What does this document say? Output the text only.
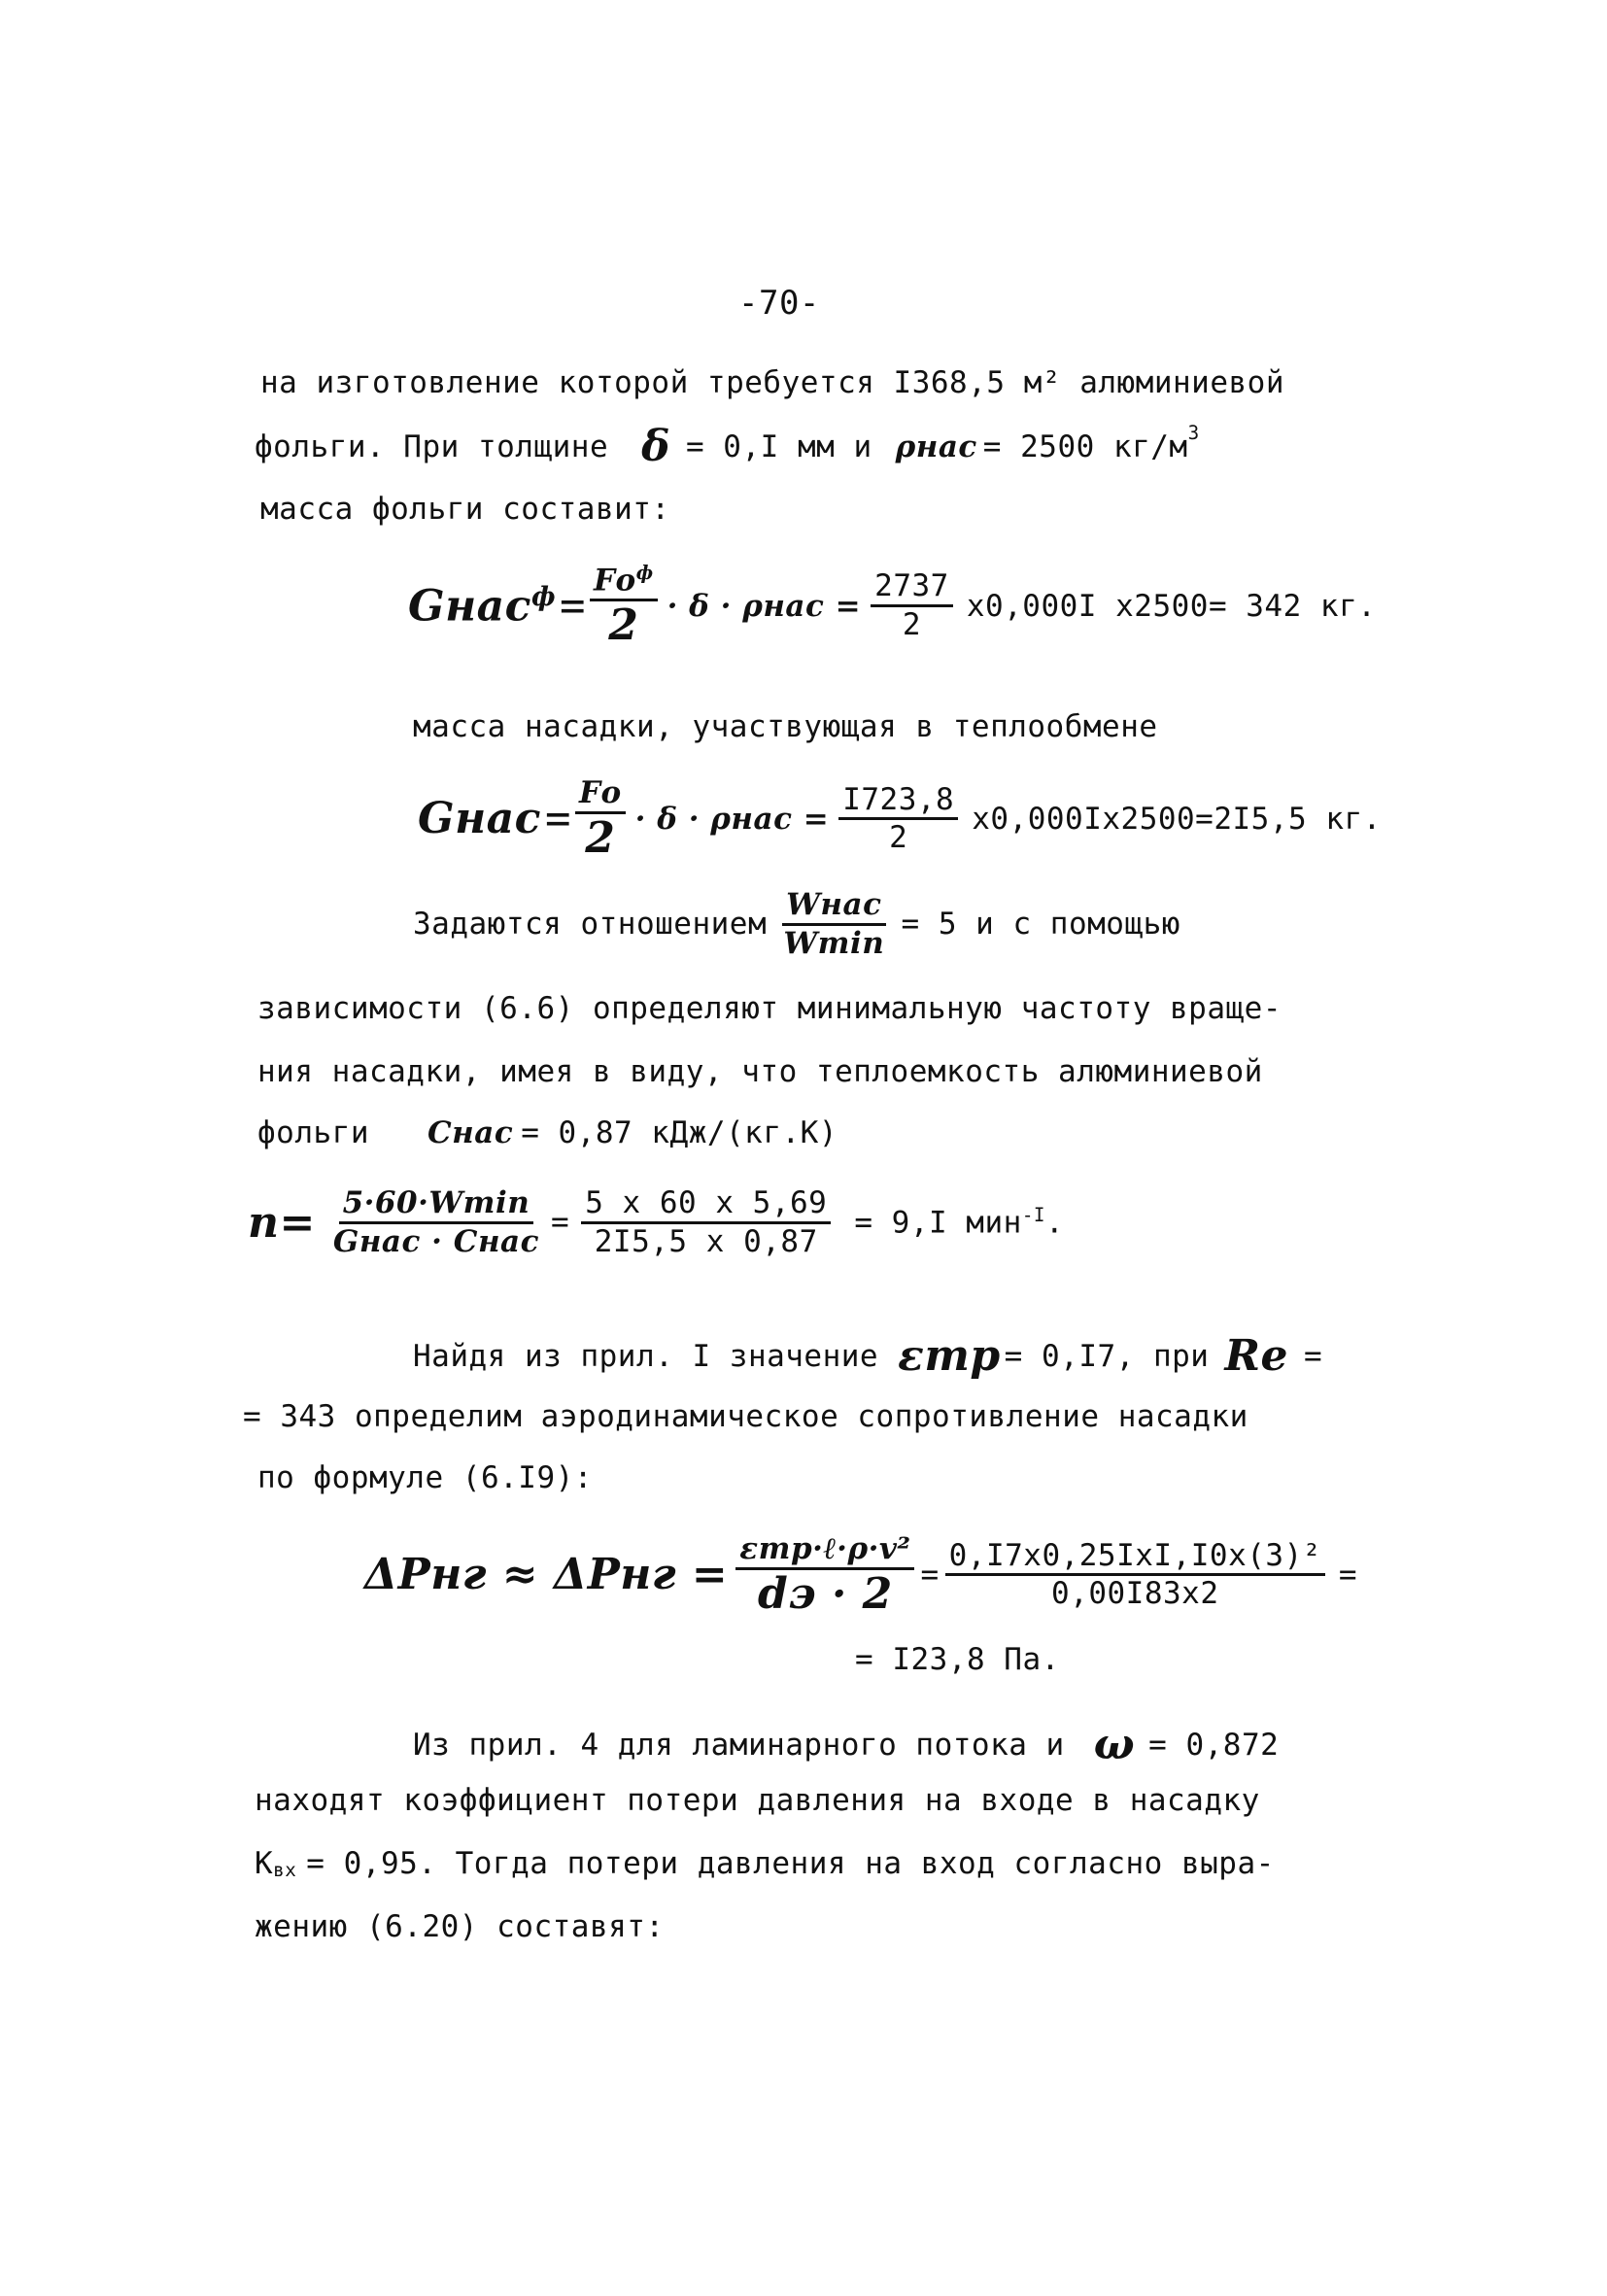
-70-
на изготовление которой требуется I368,5 м² алюминиевой
фольги. При толщине δ = 0,I мм и ρнас = 2500 $кг/м^3$
масса фольги составит:
Gнас$^ф$ = $\frac{Fо^ф}{2} \cdot \delta \cdot \rho нас = \frac{2737}{2} x0,000I$ x2500= 342 кг.
масса насадки, участвующая в теплообмене
Gнас = $\frac{Fо}{2} \cdot \delta \cdot \rho нас = \frac{I723,8}{2} x0,000Ix2500=2I5,5$ кг.
Задаются отношением $\frac{\text{Wнас}}{Wmin} = 5$ и с помощью
зависимости (6.6) определяют минимальную частоту враще-
ния насадки, имея в виду, что теплоемкость алюминиевой
фольги Cнас = 0,87 кДж/(кг.К)
$n= \frac{5\cdot 60\cdot Wmin}{\text{Gнас · Cнас}} = \frac{5 x 60 x 5,69}{2I5,5 x 0,87} = 9,I$ мин$^{-I}$.
Найдя из прил. I значение εтр = 0,I7, при Re =
= 343 определим аэродинамическое сопротивление насадки
по формуле (6.I9):
$\Delta Pнг \approx \Delta Pнг = \frac{\text{εтр·ℓ·ρ·v²}}{dэ \cdot 2} = \frac{\text{0,I7x0,25IxI,I0x(3)²}}{0,00I83x2}$ =
= I23,8 Па.
Из прил. 4 для ламинарного потока и ω = 0,872
находят коэффициент потери давления на входе в насадку
$K_{вх} = 0,95$. Тогда потери давления на вход согласно выра-
жению (6.20) составят:
